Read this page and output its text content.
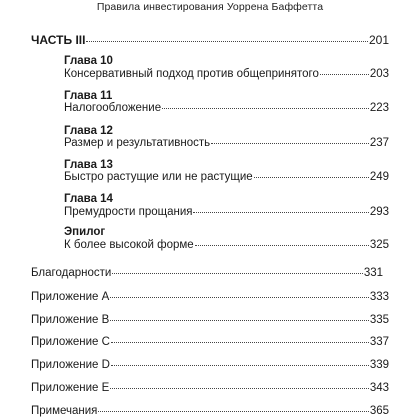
Правила инвестирования Уоррена Баффетта
ЧАСТЬ III	201
Глава 10
Консервативный подход против общепринятого	203
Глава 11
Налогообложение	223
Глава 12
Размер и результативность	237
Глава 13
Быстро растущие или не растущие	249
Глава 14
Премудрости прощания	293
Эпилог
К более высокой форме	325
Благодарности	331
Приложение A	333
Приложение B	335
Приложение C	337
Приложение D	339
Приложение E	343
Примечания	365
